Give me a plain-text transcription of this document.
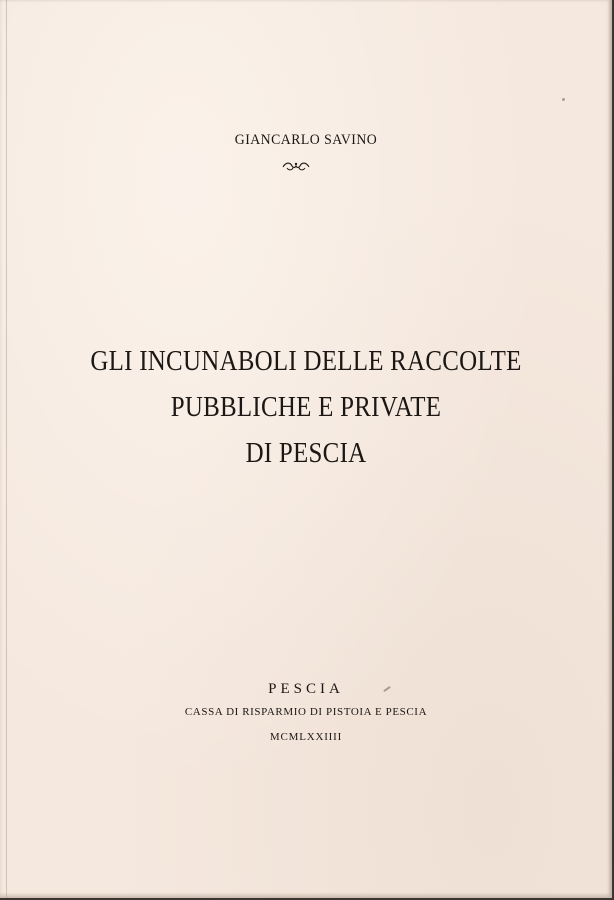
GIANCARLO SAVINO
GLI INCUNABOLI DELLE RACCOLTE
PUBBLICHE E PRIVATE
DI PESCIA
PESCIA
CASSA DI RISPARMIO DI PISTOIA E PESCIA
MCMLXXIIII
